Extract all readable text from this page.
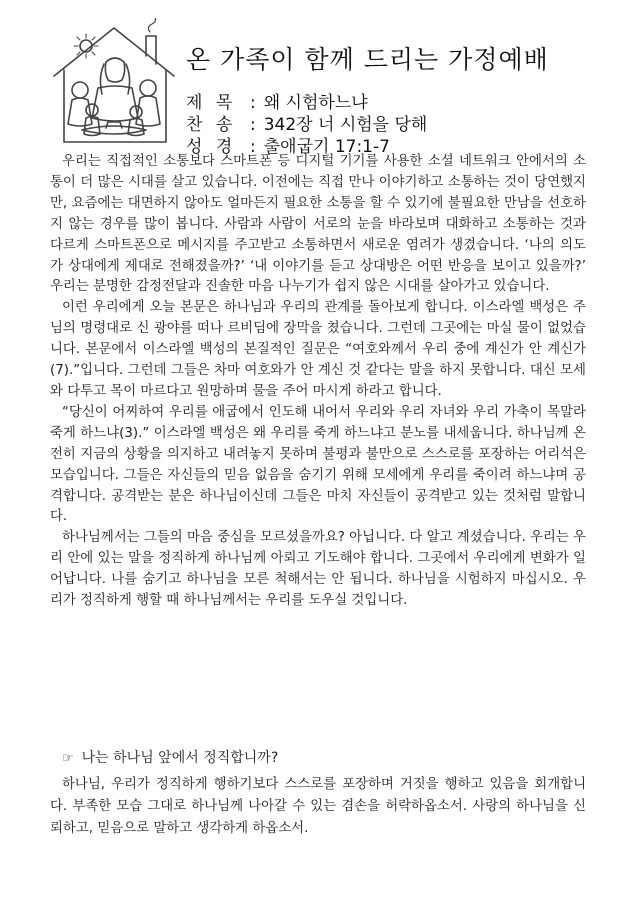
온 가족이 함께 드리는 가정예배
제 목 : 왜 시험하느냐
찬 송 : 342장 너 시험을 당해
성 경 : 출애굽기 17:1-7

우리는 직접적인 소통보다 스마트폰 등 디지털 기기를 사용한 소셜 네트워크 안에서의 소통이 더 많은 시대를 살고 있습니다. 이전에는 직접 만나 이야기하고 소통하는 것이 당연했지만, 요즘에는 대면하지 않아도 얼마든지 필요한 소통을 할 수 있기에 불필요한 만남을 선호하지 않는 경우를 많이 봅니다. 사람과 사람이 서로의 눈을 바라보며 대화하고 소통하는 것과 다르게 스마트폰으로 메시지를 주고받고 소통하면서 새로운 염려가 생겼습니다. ‘나의 의도가 상대에게 제대로 전해졌을까?’ ‘내 이야기를 듣고 상대방은 어떤 반응을 보이고 있을까?’ 우리는 분명한 감정전달과 진솔한 마음 나누기가 쉽지 않은 시대를 살아가고 있습니다.

이런 우리에게 오늘 본문은 하나님과 우리의 관계를 돌아보게 합니다. 이스라엘 백성은 주님의 명령대로 신 광야를 떠나 르비딤에 장막을 쳤습니다. 그런데 그곳에는 마실 물이 없었습니다. 본문에서 이스라엘 백성의 본질적인 질문은 “여호와께서 우리 중에 계신가 안 계신가(7).”입니다. 그런데 그들은 차마 여호와가 안 계신 것 같다는 말을 하지 못합니다. 대신 모세와 다투고 목이 마르다고 원망하며 물을 주어 마시게 하라고 합니다.

“당신이 어찌하여 우리를 애굽에서 인도해 내어서 우리와 우리 자녀와 우리 가축이 목말라 죽게 하느냐(3).” 이스라엘 백성은 왜 우리를 죽게 하느냐고 분노를 내세웁니다. 하나님께 온전히 지금의 상황을 의지하고 내려놓지 못하며 불평과 불만으로 스스로를 포장하는 어리석은 모습입니다. 그들은 자신들의 믿음 없음을 숨기기 위해 모세에게 우리를 죽이려 하느냐며 공격합니다. 공격받는 분은 하나님이신데 그들은 마치 자신들이 공격받고 있는 것처럼 말합니다.

하나님께서는 그들의 마음 중심을 모르셨을까요? 아닙니다. 다 알고 계셨습니다. 우리는 우리 안에 있는 말을 정직하게 하나님께 아뢰고 기도해야 합니다. 그곳에서 우리에게 변화가 일어납니다. 나를 숨기고 하나님을 모른 척해서는 안 됩니다. 하나님을 시험하지 마십시오. 우리가 정직하게 행할 때 하나님께서는 우리를 도우실 것입니다.

☞ 나는 하나님 앞에서 정직합니까?

하나님, 우리가 정직하게 행하기보다 스스로를 포장하며 거짓을 행하고 있음을 회개합니다. 부족한 모습 그대로 하나님께 나아갈 수 있는 겸손을 허락하옵소서. 사랑의 하나님을 신뢰하고, 믿음으로 말하고 생각하게 하옵소서.
